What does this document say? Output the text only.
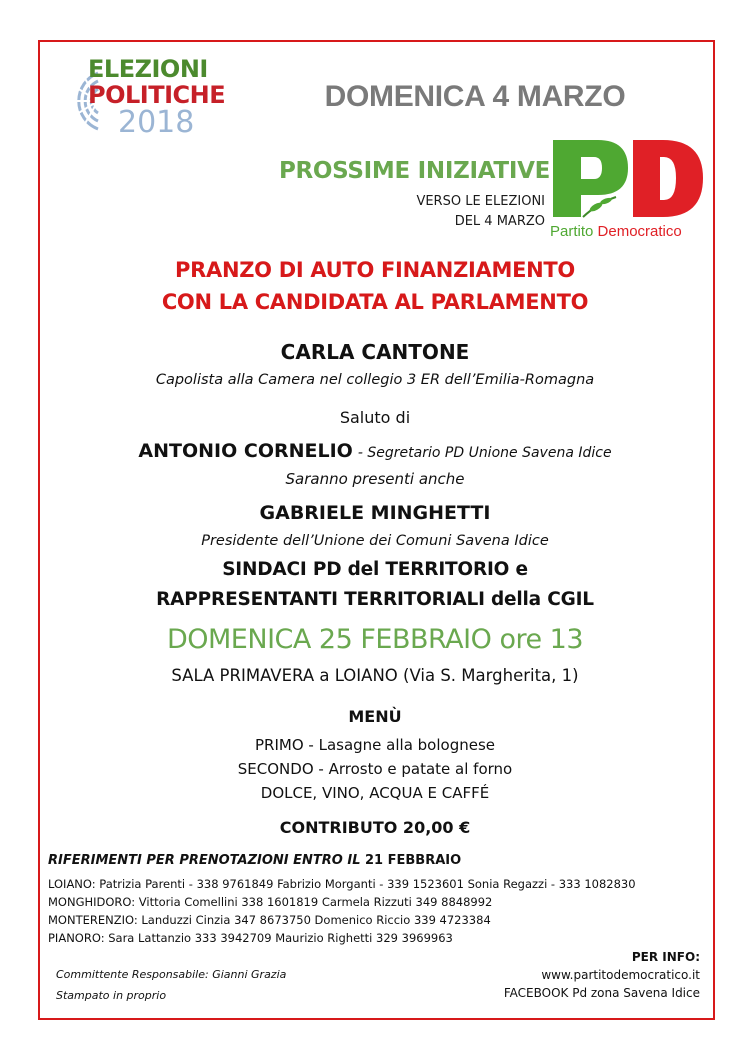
ELEZIONI
POLITICHE
2018
DOMENICA 4 MARZO
PROSSIME INIZIATIVE
VERSO LE ELEZIONI
DEL 4 MARZO
Partito Democratico
PRANZO DI AUTO FINANZIAMENTO
CON LA CANDIDATA AL PARLAMENTO
CARLA CANTONE
Capolista alla Camera nel collegio 3 ER dell’Emilia-Romagna
Saluto di
ANTONIO CORNELIO - Segretario PD Unione Savena Idice
Saranno presenti anche
GABRIELE MINGHETTI
Presidente dell’Unione dei Comuni Savena Idice
SINDACI PD del TERRITORIO e
RAPPRESENTANTI TERRITORIALI della CGIL
DOMENICA 25 FEBBRAIO ore 13
SALA PRIMAVERA a LOIANO (Via S. Margherita, 1)
MENÙ
PRIMO - Lasagne alla bolognese
SECONDO - Arrosto e patate al forno
DOLCE, VINO, ACQUA E CAFFÉ
CONTRIBUTO 20,00 €
RIFERIMENTI PER PRENOTAZIONI ENTRO IL 21 FEBBRAIO
LOIANO: Patrizia Parenti - 338 9761849 Fabrizio Morganti - 339 1523601 Sonia Regazzi - 333 1082830
MONGHIDORO: Vittoria Comellini 338 1601819 Carmela Rizzuti 349 8848992
MONTERENZIO: Landuzzi Cinzia 347 8673750 Domenico Riccio 339 4723384
PIANORO: Sara Lattanzio 333 3942709 Maurizio Righetti 329 3969963
PER INFO:
www.partitodemocratico.it
FACEBOOK Pd zona Savena Idice
Committente Responsabile: Gianni Grazia
Stampato in proprio
